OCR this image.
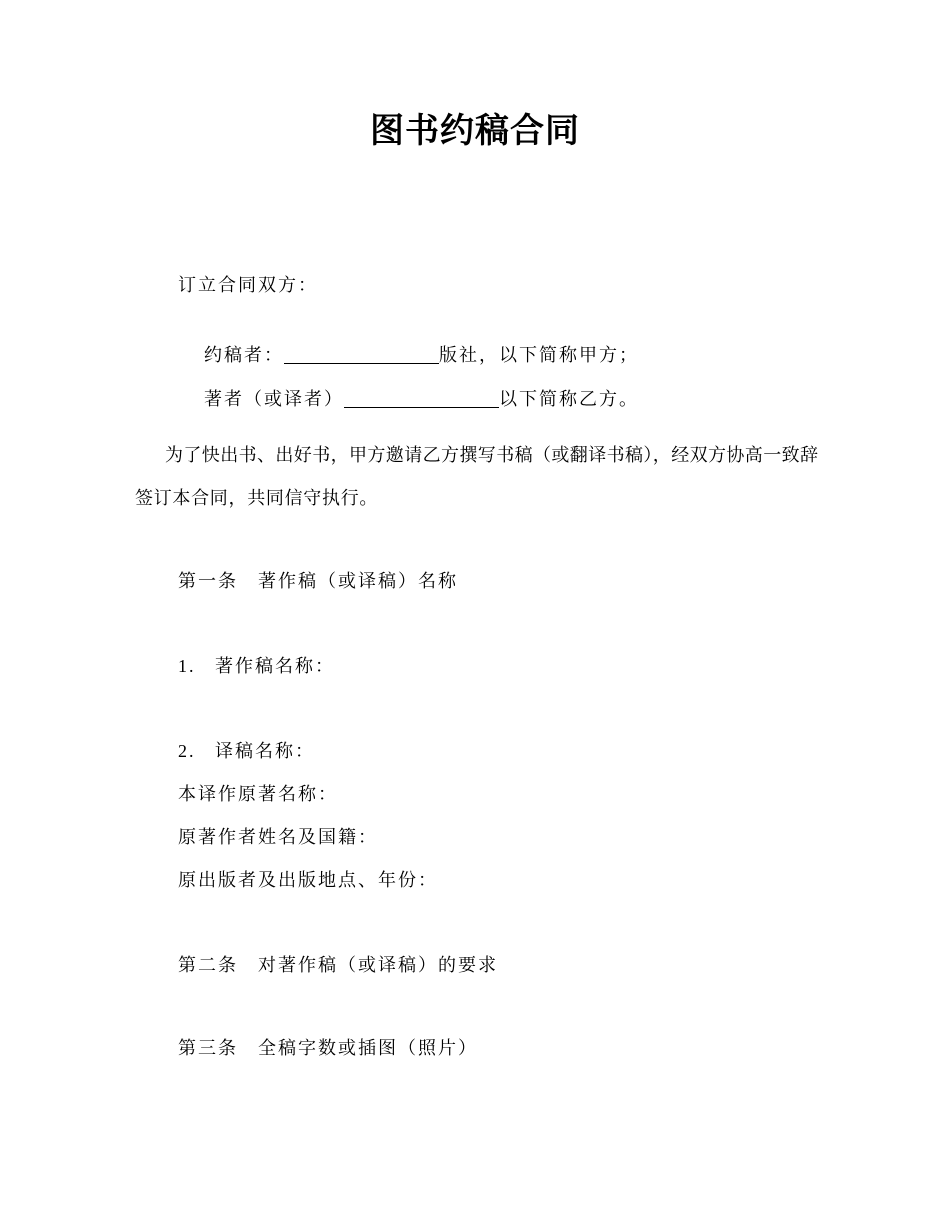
图书约稿合同
订立合同双方：

约稿者：	版社，以下简称甲方；

著者（或译者）	以下简称乙方。

为了快出书、出好书，甲方邀请乙方撰写书稿（或翻译书稿），经双方协高一致辞
签订本合同，共同信守执行。
第一条　著作稿（或译稿）名称
1.   著作稿名称：
2.   译稿名称：
本译作原著名称：
原著作者姓名及国籍：
原出版者及出版地点、年份：
第二条　对著作稿（或译稿）的要求
第三条　全稿字数或插图（照片）
